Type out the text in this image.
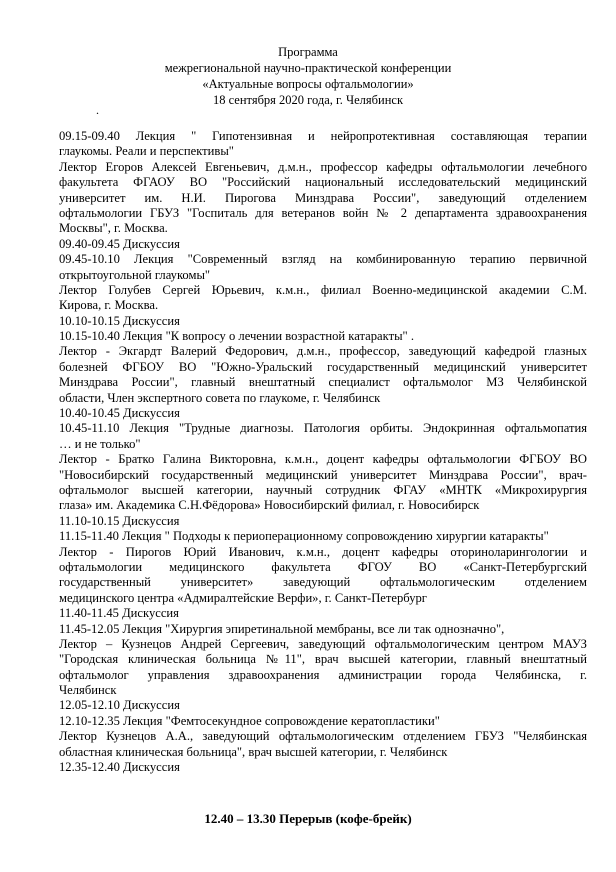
Программа
межрегиональной научно-практической конференции
«Актуальные вопросы офтальмологии»
18 сентября 2020 года, г. Челябинск
.
09.15-09.40 Лекция " Гипотензивная и нейропротективная составляющая терапии
глаукомы. Реали и перспективы"
Лектор Егоров Алексей Евгеньевич, д.м.н., профессор кафедры офтальмологии лечебного
факультета ФГАОУ ВО "Российский национальный исследовательский медицинский
университет им. Н.И. Пирогова Минздрава России", заведующий отделением
офтальмологии ГБУЗ "Госпиталь для ветеранов войн № 2 департамента здравоохранения
Москвы", г. Москва.
09.40-09.45 Дискуссия
09.45-10.10 Лекция "Современный взгляд на комбинированную терапию первичной
открытоугольной глаукомы"
Лектор Голубев Сергей Юрьевич, к.м.н., филиал Военно-медицинской академии С.М.
Кирова, г. Москва.
10.10-10.15 Дискуссия
10.15-10.40 Лекция "К вопросу о лечении возрастной катаракты" .
Лектор - Экгардт Валерий Федорович, д.м.н., профессор, заведующий кафедрой глазных
болезней ФГБОУ ВО "Южно-Уральский государственный медицинский университет
Минздрава России", главный внештатный специалист офтальмолог МЗ Челябинской
области, Член экспертного совета по глаукоме, г. Челябинск
10.40-10.45 Дискуссия
10.45-11.10 Лекция "Трудные диагнозы. Патология орбиты. Эндокринная офтальмопатия
… и не только"
Лектор - Братко Галина Викторовна, к.м.н., доцент кафедры офтальмологии ФГБОУ ВО
"Новосибирский государственный медицинский университет Минздрава России", врач-
офтальмолог высшей категории, научный сотрудник ФГАУ «МНТК «Микрохирургия
глаза» им. Академика С.Н.Фёдорова» Новосибирский филиал, г. Новосибирск
11.10-10.15 Дискуссия
11.15-11.40 Лекция " Подходы к периоперационному сопровождению хирургии катаракты"
Лектор - Пирогов Юрий Иванович, к.м.н., доцент кафедры оториноларингологии и
офтальмологии медицинского факультета ФГОУ ВО «Санкт-Петербургский
государственный университет» заведующий офтальмологическим отделением
медицинского центра «Адмиралтейские Верфи», г. Санкт-Петербург
11.40-11.45 Дискуссия
11.45-12.05 Лекция "Хирургия эпиретинальной мембраны, все ли так однозначно",
Лектор – Кузнецов Андрей Сергеевич, заведующий офтальмологическим центром МАУЗ
"Городская клиническая больница №11", врач высшей категории, главный внештатный
офтальмолог управления здравоохранения администрации города Челябинска, г.
Челябинск
12.05-12.10 Дискуссия
12.10-12.35 Лекция "Фемтосекундное сопровождение кератопластики"
Лектор Кузнецов А.А., заведующий офтальмологическим отделением ГБУЗ "Челябинская
областная клиническая больница", врач высшей категории, г. Челябинск
12.35-12.40 Дискуссия
12.40 – 13.30 Перерыв (кофе-брейк)
